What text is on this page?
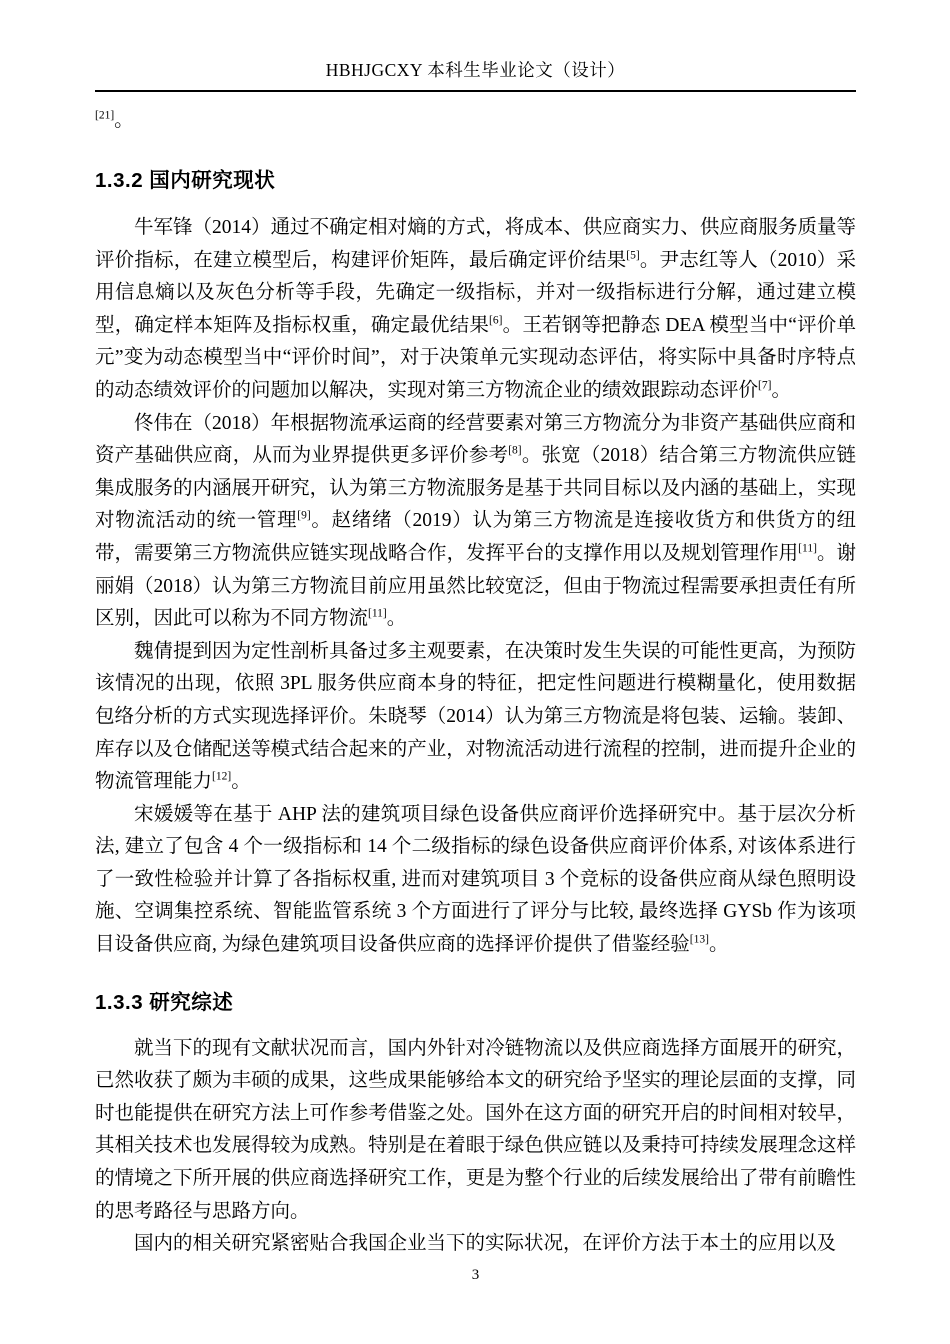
HBHJGCXY 本科生毕业论文（设计）

[21]。

1.3.2 国内研究现状

牛军锋（2014）通过不确定相对熵的方式，将成本、供应商实力、供应商服务质量等评价指标，在建立模型后，构建评价矩阵，最后确定评价结果[5]。尹志红等人（2010）采用信息熵以及灰色分析等手段，先确定一级指标，并对一级指标进行分解，通过建立模型，确定样本矩阵及指标权重，确定最优结果[6]。王若钢等把静态 DEA 模型当中“评价单元”变为动态模型当中“评价时间”，对于决策单元实现动态评估，将实际中具备时序特点的动态绩效评价的问题加以解决，实现对第三方物流企业的绩效跟踪动态评价[7]。

佟伟在（2018）年根据物流承运商的经营要素对第三方物流分为非资产基础供应商和资产基础供应商，从而为业界提供更多评价参考[8]。张宽（2018）结合第三方物流供应链集成服务的内涵展开研究，认为第三方物流服务是基于共同目标以及内涵的基础上，实现对物流活动的统一管理[9]。赵绪绪（2019）认为第三方物流是连接收货方和供货方的纽带，需要第三方物流供应链实现战略合作，发挥平台的支撑作用以及规划管理作用[11]。谢丽娟（2018）认为第三方物流目前应用虽然比较宽泛，但由于物流过程需要承担责任有所区别，因此可以称为不同方物流[11]。

魏倩提到因为定性剖析具备过多主观要素，在决策时发生失误的可能性更高，为预防该情况的出现，依照 3PL 服务供应商本身的特征，把定性问题进行模糊量化，使用数据包络分析的方式实现选择评价。朱晓琴（2014）认为第三方物流是将包装、运输。装卸、库存以及仓储配送等模式结合起来的产业，对物流活动进行流程的控制，进而提升企业的物流管理能力[12]。

宋媛媛等在基于 AHP 法的建筑项目绿色设备供应商评价选择研究中。基于层次分析法, 建立了包含 4 个一级指标和 14 个二级指标的绿色设备供应商评价体系, 对该体系进行了一致性检验并计算了各指标权重, 进而对建筑项目 3 个竞标的设备供应商从绿色照明设施、空调集控系统、智能监管系统 3 个方面进行了评分与比较, 最终选择 GYSb 作为该项目设备供应商, 为绿色建筑项目设备供应商的选择评价提供了借鉴经验[13]。

1.3.3 研究综述

就当下的现有文献状况而言，国内外针对冷链物流以及供应商选择方面展开的研究，已然收获了颇为丰硕的成果，这些成果能够给本文的研究给予坚实的理论层面的支撑，同时也能提供在研究方法上可作参考借鉴之处。国外在这方面的研究开启的时间相对较早，其相关技术也发展得较为成熟。特别是在着眼于绿色供应链以及秉持可持续发展理念这样的情境之下所开展的供应商选择研究工作，更是为整个行业的后续发展给出了带有前瞻性的思考路径与思路方向。

国内的相关研究紧密贴合我国企业当下的实际状况，在评价方法于本土的应用以及

3
